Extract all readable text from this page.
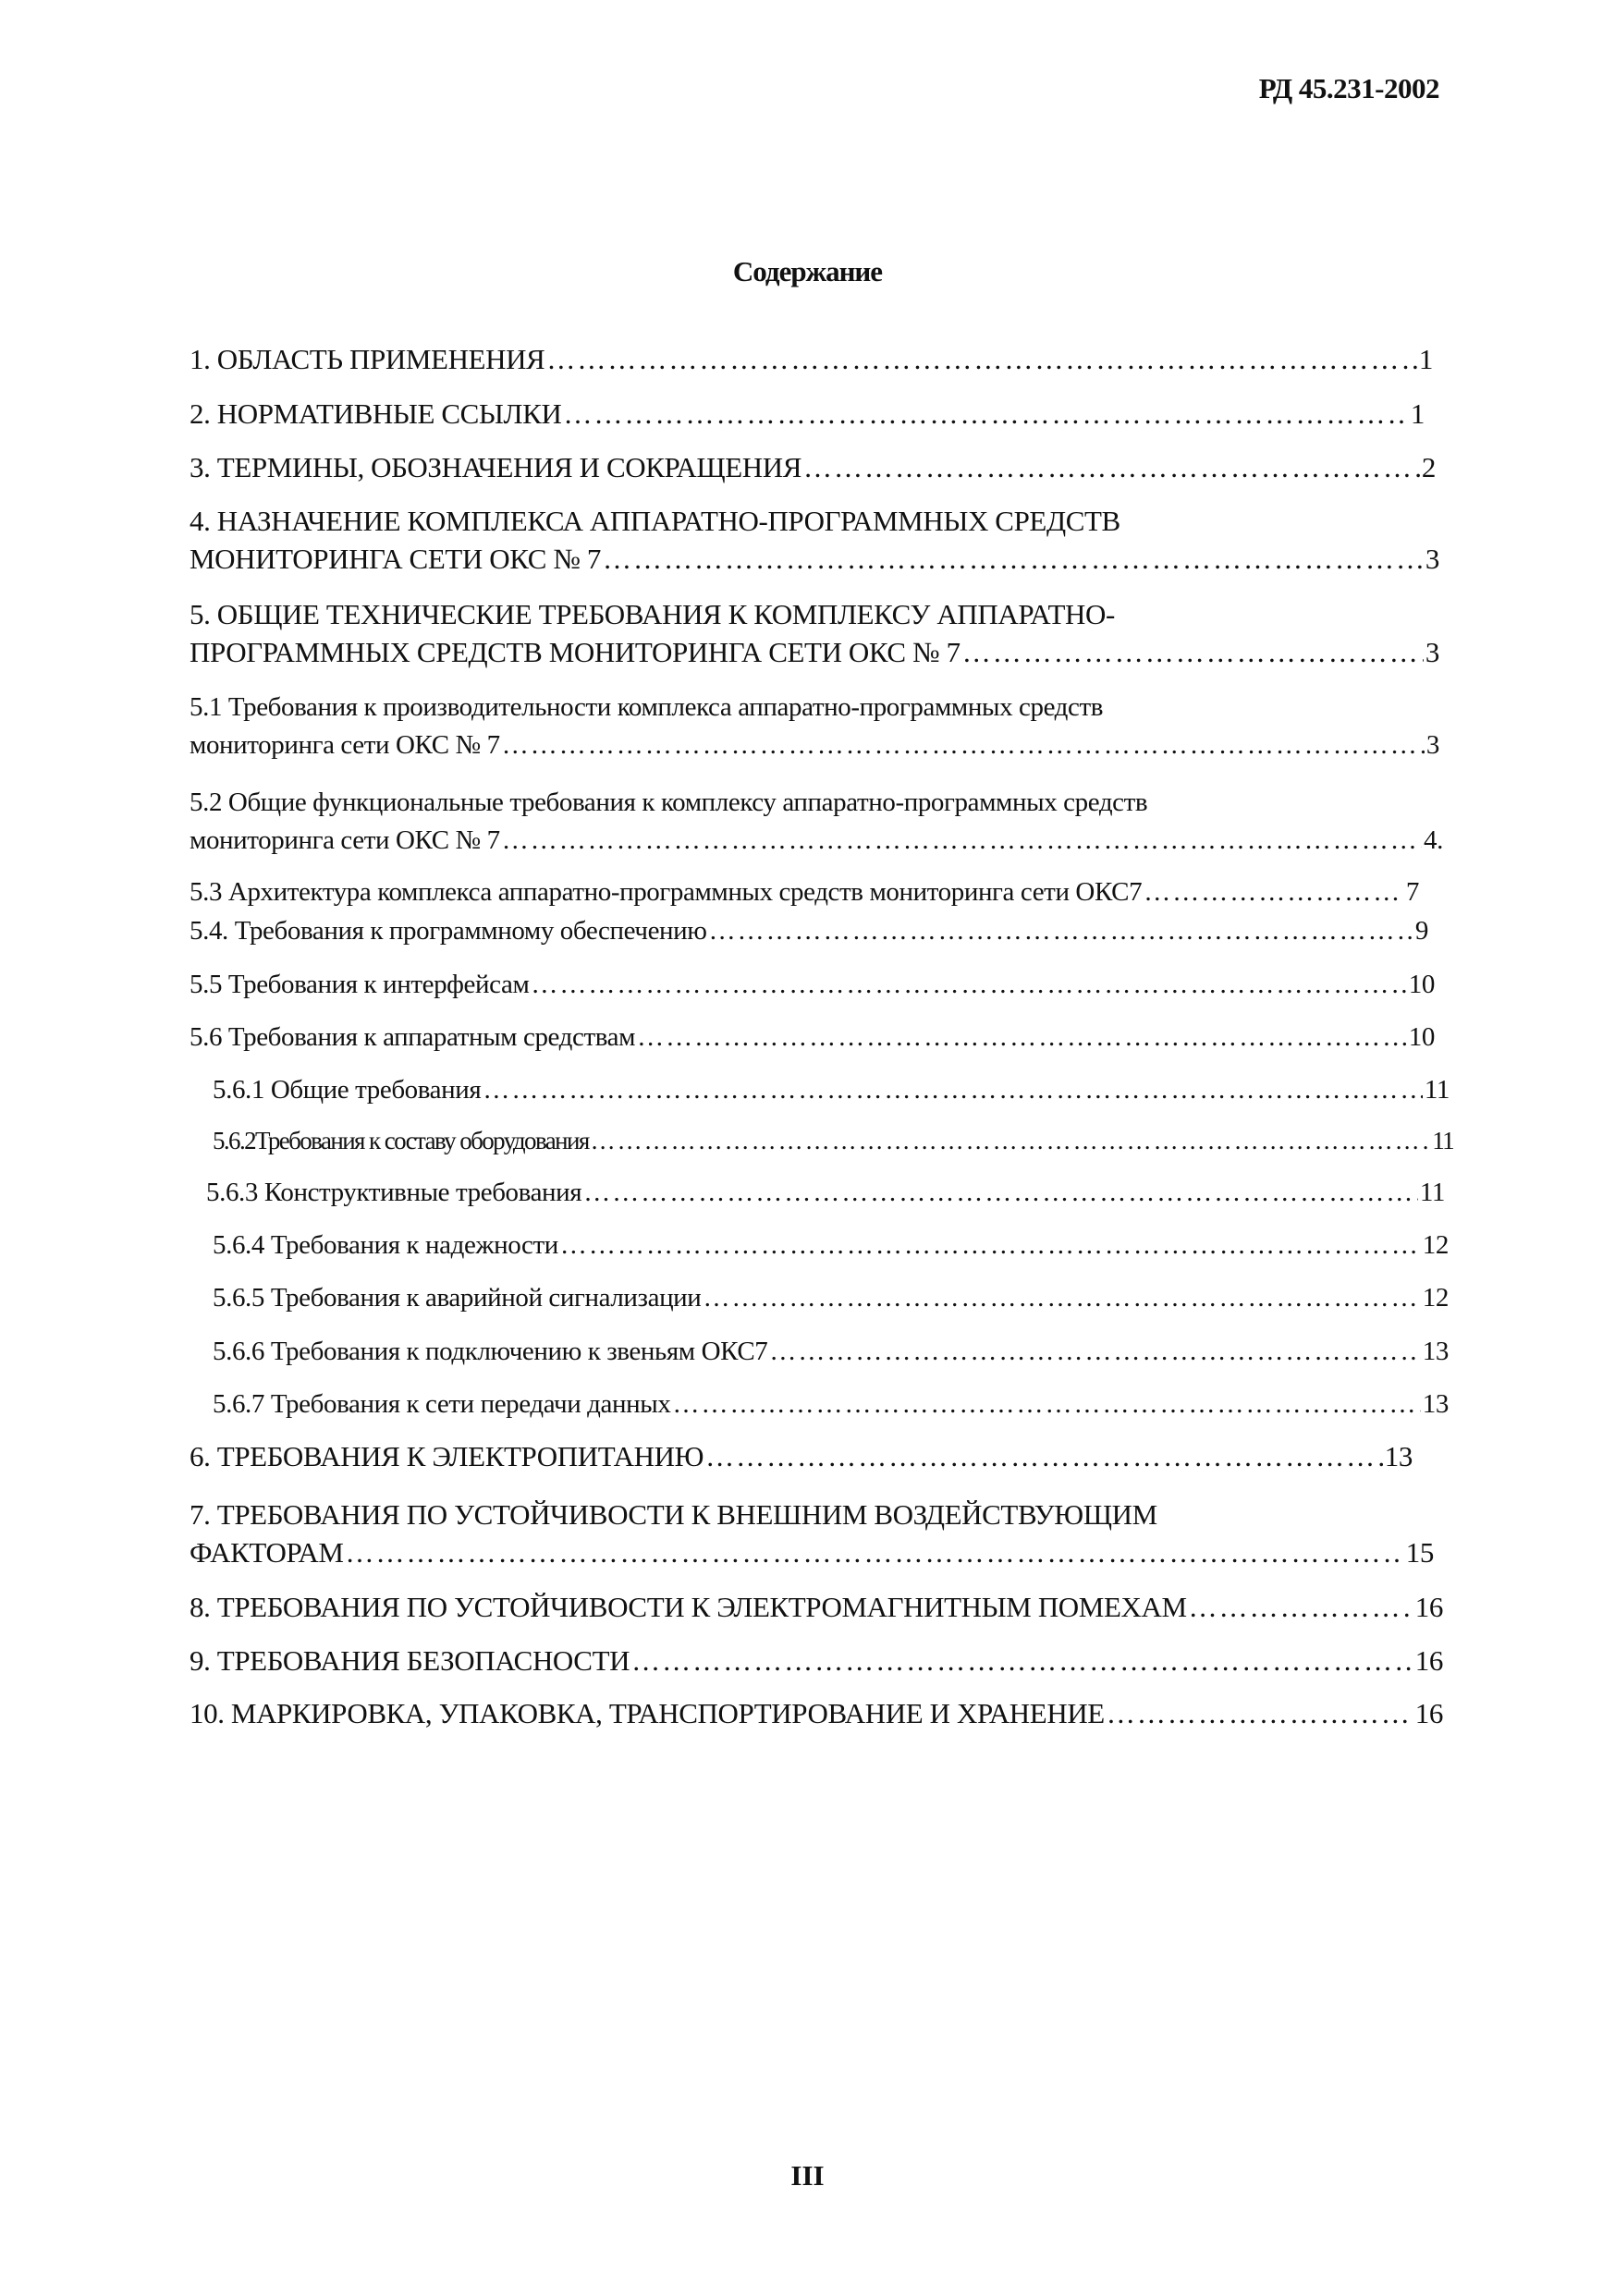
РД 45.231-2002
Содержание
1. ОБЛАСТЬ ПРИМЕНЕНИЯ …………………………………………………………………………………………………………………………………………………………………………………………	1
2. НОРМАТИВНЫЕ ССЫЛКИ …………………………………………………………………………………………………………………………………………………………………………………………	1
3. ТЕРМИНЫ, ОБОЗНАЧЕНИЯ И СОКРАЩЕНИЯ …………………………………………………………………………………………………………………………………………………………………………………………	2
4. НАЗНАЧЕНИЕ КОМПЛЕКСА АППАРАТНО-ПРОГРАММНЫХ СРЕДСТВ
МОНИТОРИНГА СЕТИ ОКС № 7 …………………………………………………………………………………………………………………………………………………………………………………………	3
5. ОБЩИЕ ТЕХНИЧЕСКИЕ ТРЕБОВАНИЯ К КОМПЛЕКСУ АППАРАТНО-
ПРОГРАММНЫХ СРЕДСТВ МОНИТОРИНГА СЕТИ ОКС № 7 …………………………………………………………………………………………………………………………………………………………………………………………	3
5.1 Требования к производительности комплекса аппаратно-программных средств
мониторинга сети ОКС № 7 …………………………………………………………………………………………………………………………………………………………………………………………	3
5.2 Общие функциональные требования к комплексу аппаратно-программных средств
мониторинга сети ОКС № 7 …………………………………………………………………………………………………………………………………………………………………………………………	4.
5.3 Архитектура комплекса аппаратно-программных средств мониторинга сети ОКС7 …………………………………………………………………………………………………………………………………………………………………………………………	7
5.4. Требования к программному обеспечению …………………………………………………………………………………………………………………………………………………………………………………………	9
5.5 Требования к интерфейсам …………………………………………………………………………………………………………………………………………………………………………………………	10
5.6 Требования к аппаратным средствам …………………………………………………………………………………………………………………………………………………………………………………………	10
5.6.1 Общие требования …………………………………………………………………………………………………………………………………………………………………………………………	11
5.6.2Требования к составу оборудования …………………………………………………………………………………………………………………………………………………………………………………………	11
5.6.3 Конструктивные требования …………………………………………………………………………………………………………………………………………………………………………………………	11
5.6.4 Требования к надежности …………………………………………………………………………………………………………………………………………………………………………………………	12
5.6.5 Требования к аварийной сигнализации …………………………………………………………………………………………………………………………………………………………………………………………	12
5.6.6 Требования к подключению к звеньям ОКС7 …………………………………………………………………………………………………………………………………………………………………………………………	13
5.6.7 Требования к сети передачи данных …………………………………………………………………………………………………………………………………………………………………………………………	13
6. ТРЕБОВАНИЯ К ЭЛЕКТРОПИТАНИЮ …………………………………………………………………………………………………………………………………………………………………………………………	13
7. ТРЕБОВАНИЯ ПО УСТОЙЧИВОСТИ К ВНЕШНИМ ВОЗДЕЙСТВУЮЩИМ
ФАКТОРАМ …………………………………………………………………………………………………………………………………………………………………………………………	15
8. ТРЕБОВАНИЯ ПО УСТОЙЧИВОСТИ К ЭЛЕКТРОМАГНИТНЫМ ПОМЕХАМ …………………………………………………………………………………………………………………………………………………………………………………………	16
9. ТРЕБОВАНИЯ БЕЗОПАСНОСТИ …………………………………………………………………………………………………………………………………………………………………………………………	16
10. МАРКИРОВКА, УПАКОВКА, ТРАНСПОРТИРОВАНИЕ И ХРАНЕНИЕ …………………………………………………………………………………………………………………………………………………………………………………………	16
III
